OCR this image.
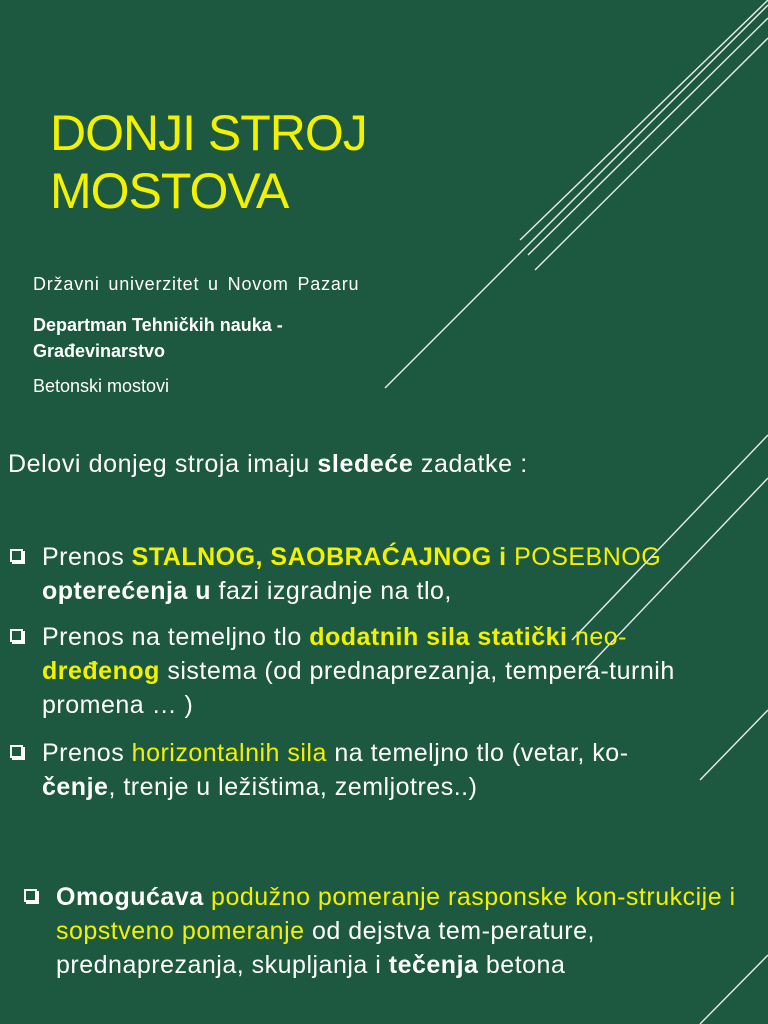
DONJI STROJ
MOSTOVA
Državni univerzitet u Novom Pazaru
Departman Tehničkih nauka -
Građevinarstvo
Betonski mostovi
Delovi donjeg stroja imaju sledeće zadatke :
Prenos STALNOG, SAOBRAĆAJNOG i POSEBNOG
opterećenja u fazi izgradnje na tlo,
Prenos na temeljno tlo dodatnih sila statički neo-
dređenog sistema (od prednaprezanja, tempera-turnih promena … )
Prenos horizontalnih sila na temeljno tlo (vetar, ko-
čenje, trenje u ležištima, zemljotres..)
Omogućava podužno pomeranje rasponske kon-strukcije i sopstveno pomeranje od dejstva tem-perature, prednaprezanja, skupljanja i tečenja betona
